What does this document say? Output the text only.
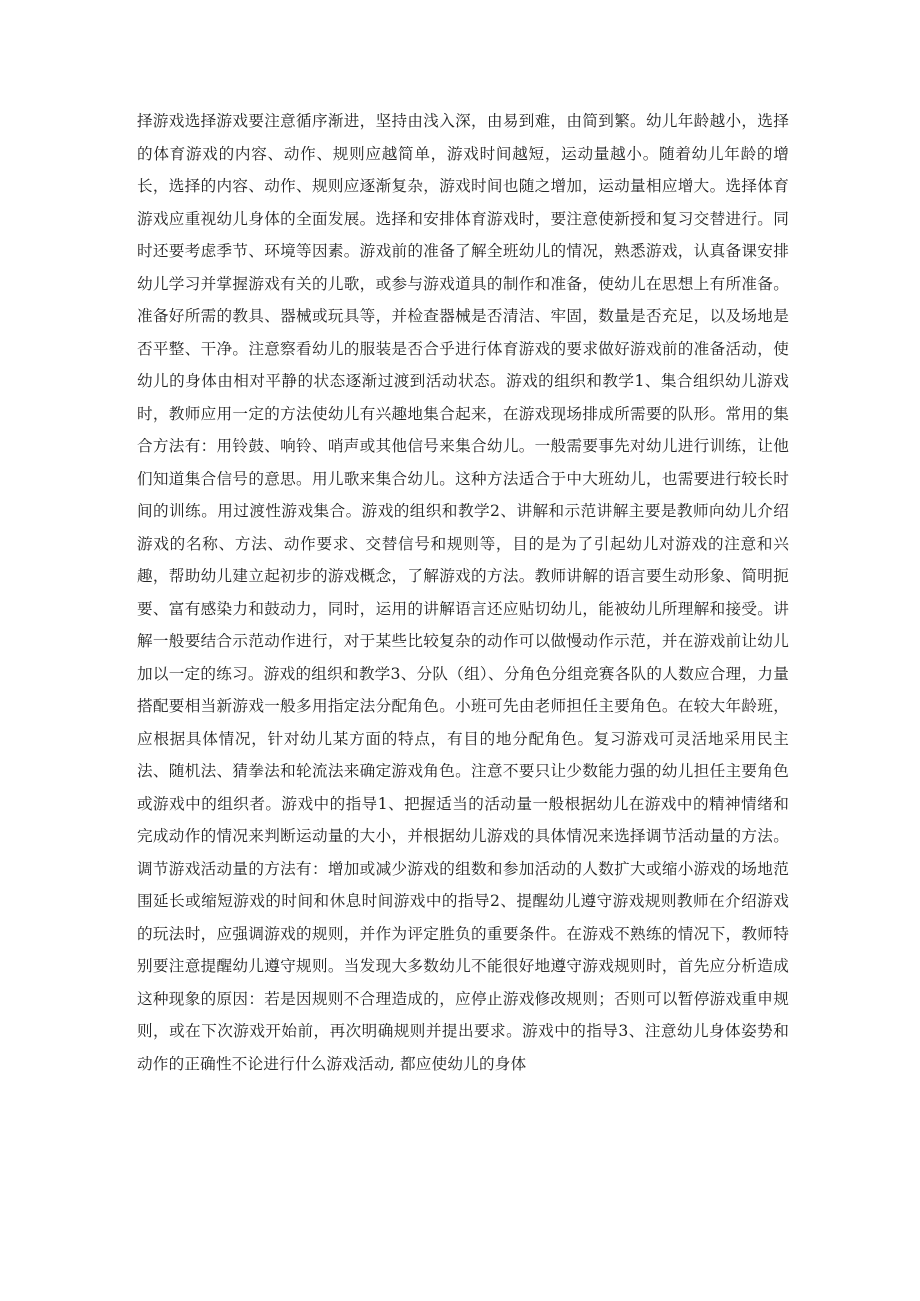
择游戏选择游戏要注意循序渐进，坚持由浅入深，由易到难，由简到繁。幼儿年龄越小，选择的体育游戏的内容、动作、规则应越简单，游戏时间越短，运动量越小。随着幼儿年龄的增长，选择的内容、动作、规则应逐渐复杂，游戏时间也随之增加，运动量相应增大。选择体育游戏应重视幼儿身体的全面发展。选择和安排体育游戏时，要注意使新授和复习交替进行。同时还要考虑季节、环境等因素。游戏前的准备了解全班幼儿的情况，熟悉游戏，认真备课安排幼儿学习并掌握游戏有关的儿歌，或参与游戏道具的制作和准备，使幼儿在思想上有所准备。准备好所需的教具、器械或玩具等，并检查器械是否清洁、牢固，数量是否充足，以及场地是否平整、干净。注意察看幼儿的服装是否合乎进行体育游戏的要求做好游戏前的准备活动，使幼儿的身体由相对平静的状态逐渐过渡到活动状态。游戏的组织和教学1、集合组织幼儿游戏时，教师应用一定的方法使幼儿有兴趣地集合起来，在游戏现场排成所需要的队形。常用的集合方法有：用铃鼓、响铃、哨声或其他信号来集合幼儿。一般需要事先对幼儿进行训练，让他们知道集合信号的意思。用儿歌来集合幼儿。这种方法适合于中大班幼儿，也需要进行较长时间的训练。用过渡性游戏集合。游戏的组织和教学2、讲解和示范讲解主要是教师向幼儿介绍游戏的名称、方法、动作要求、交替信号和规则等，目的是为了引起幼儿对游戏的注意和兴趣，帮助幼儿建立起初步的游戏概念，了解游戏的方法。教师讲解的语言要生动形象、简明扼要、富有感染力和鼓动力，同时，运用的讲解语言还应贴切幼儿，能被幼儿所理解和接受。讲解一般要结合示范动作进行，对于某些比较复杂的动作可以做慢动作示范，并在游戏前让幼儿加以一定的练习。游戏的组织和教学3、分队（组）、分角色分组竞赛各队的人数应合理，力量搭配要相当新游戏一般多用指定法分配角色。小班可先由老师担任主要角色。在较大年龄班，应根据具体情况，针对幼儿某方面的特点，有目的地分配角色。复习游戏可灵活地采用民主法、随机法、猜拳法和轮流法来确定游戏角色。注意不要只让少数能力强的幼儿担任主要角色或游戏中的组织者。游戏中的指导1、把握适当的活动量一般根据幼儿在游戏中的精神情绪和完成动作的情况来判断运动量的大小，并根据幼儿游戏的具体情况来选择调节活动量的方法。调节游戏活动量的方法有：增加或减少游戏的组数和参加活动的人数扩大或缩小游戏的场地范围延长或缩短游戏的时间和休息时间游戏中的指导2、提醒幼儿遵守游戏规则教师在介绍游戏的玩法时，应强调游戏的规则，并作为评定胜负的重要条件。在游戏不熟练的情况下，教师特别要注意提醒幼儿遵守规则。当发现大多数幼儿不能很好地遵守游戏规则时，首先应分析造成这种现象的原因：若是因规则不合理造成的，应停止游戏修改规则；否则可以暂停游戏重申规则，或在下次游戏开始前，再次明确规则并提出要求。游戏中的指导3、注意幼儿身体姿势和动作的正确性不论进行什么游戏活动, 都应使幼儿的身体
